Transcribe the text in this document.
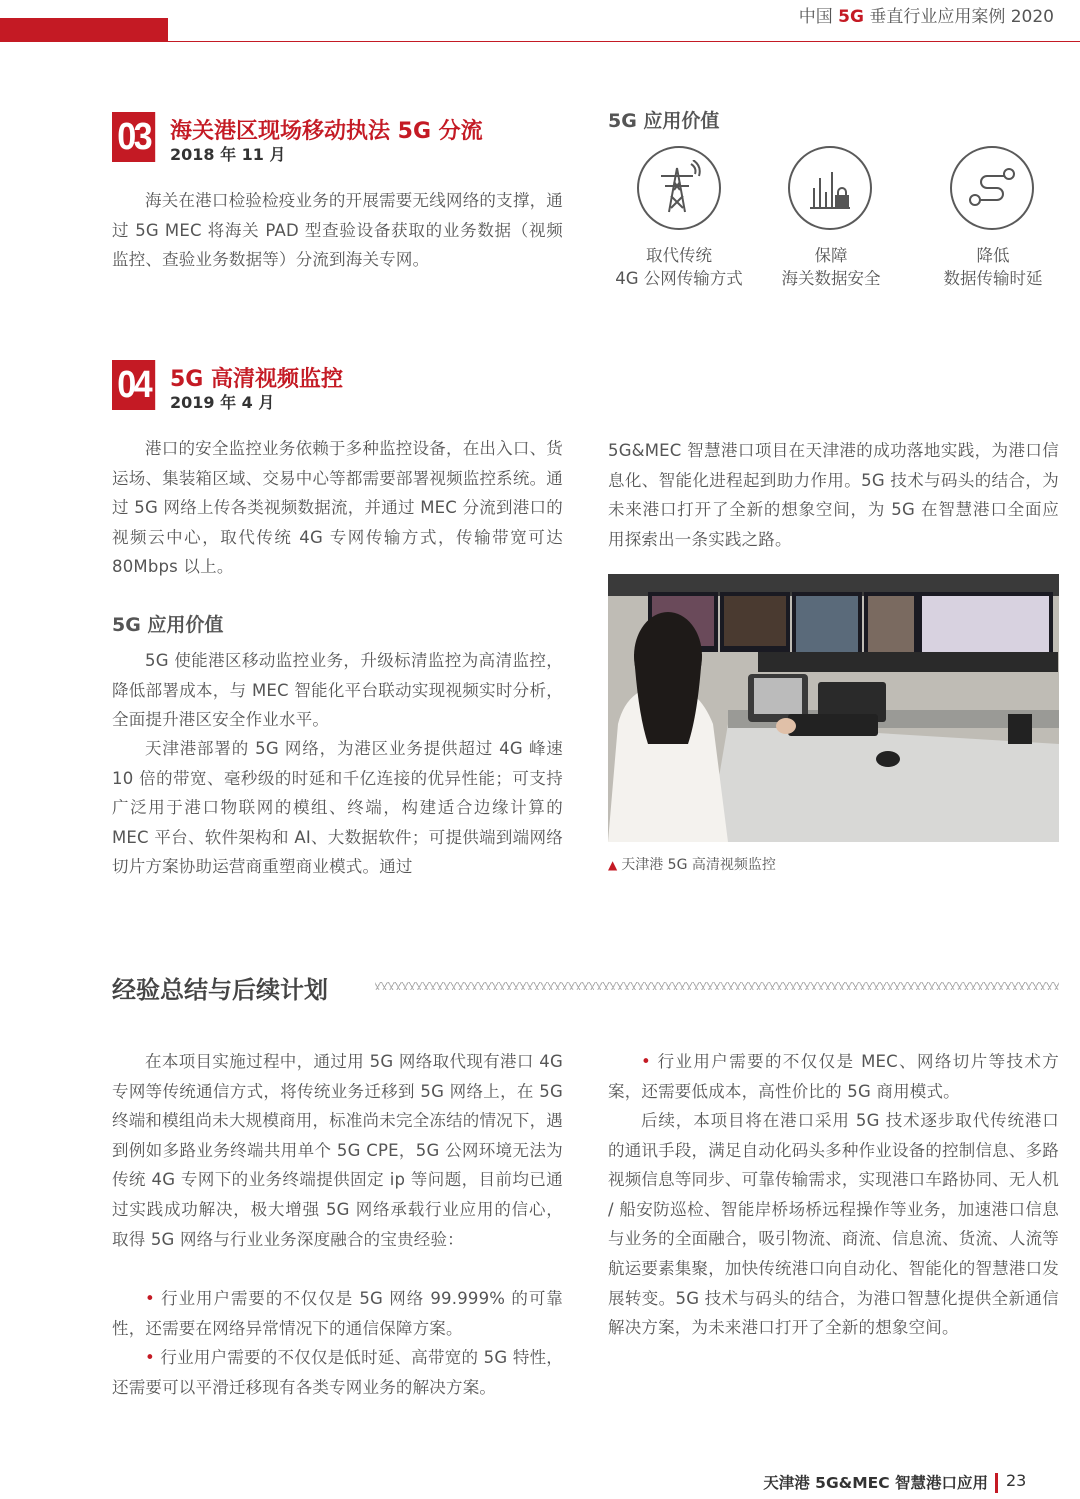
中国 5G 垂直行业应用案例 2020
03 海关港区现场移动执法 5G 分流
2018 年 11 月

海关在港口检验检疫业务的开展需要无线网络的支撑，通过 5G MEC 将海关 PAD 型查验设备获取的业务数据（视频监控、查验业务数据等）分流到海关专网。

5G 应用价值
取代传统
4G 公网传输方式
保障
海关数据安全
降低
数据传输时延
04 5G 高清视频监控
2019 年 4 月

港口的安全监控业务依赖于多种监控设备，在出入口、货运场、集装箱区域、交易中心等都需要部署视频监控系统。通过 5G 网络上传各类视频数据流，并通过 MEC 分流到港口的视频云中心，取代传统 4G 专网传输方式，传输带宽可达 80Mbps 以上。

5G 应用价值

5G 使能港区移动监控业务，升级标清监控为高清监控，降低部署成本，与 MEC 智能化平台联动实现视频实时分析，全面提升港区安全作业水平。

天津港部署的 5G 网络，为港区业务提供超过 4G 峰速 10 倍的带宽、毫秒级的时延和千亿连接的优异性能；可支持广泛用于港口物联网的模组、终端，构建适合边缘计算的 MEC 平台、软件架构和 AI、大数据软件；可提供端到端网络切片方案协助运营商重塑商业模式。通过

5G&MEC 智慧港口项目在天津港的成功落地实践，为港口信息化、智能化进程起到助力作用。5G 技术与码头的结合，为未来港口打开了全新的想象空间，为 5G 在智慧港口全面应用探索出一条实践之路。

▲ 天津港 5G 高清视频监控
经验总结与后续计划

在本项目实施过程中，通过用 5G 网络取代现有港口 4G 专网等传统通信方式，将传统业务迁移到 5G 网络上，在 5G 终端和模组尚未大规模商用，标准尚未完全冻结的情况下，遇到例如多路业务终端共用单个 5G CPE，5G 公网环境无法为传统 4G 专网下的业务终端提供固定 ip 等问题，目前均已通过实践成功解决，极大增强 5G 网络承载行业应用的信心，取得 5G 网络与行业业务深度融合的宝贵经验：

• 行业用户需要的不仅仅是 5G 网络 99.999% 的可靠性，还需要在网络异常情况下的通信保障方案。

• 行业用户需要的不仅仅是低时延、高带宽的 5G 特性，还需要可以平滑迁移现有各类专网业务的解决方案。

• 行业用户需要的不仅仅是 MEC、网络切片等技术方案，还需要低成本，高性价比的 5G 商用模式。

后续，本项目将在港口采用 5G 技术逐步取代传统港口的通讯手段，满足自动化码头多种作业设备的控制信息、多路视频信息等同步、可靠传输需求，实现港口车路协同、无人机 / 船安防巡检、智能岸桥场桥远程操作等业务，加速港口信息与业务的全面融合，吸引物流、商流、信息流、货流、人流等航运要素集聚，加快传统港口向自动化、智能化的智慧港口发展转变。5G 技术与码头的结合，为港口智慧化提供全新通信解决方案，为未来港口打开了全新的想象空间。

天津港 5G&MEC 智慧港口应用 23
